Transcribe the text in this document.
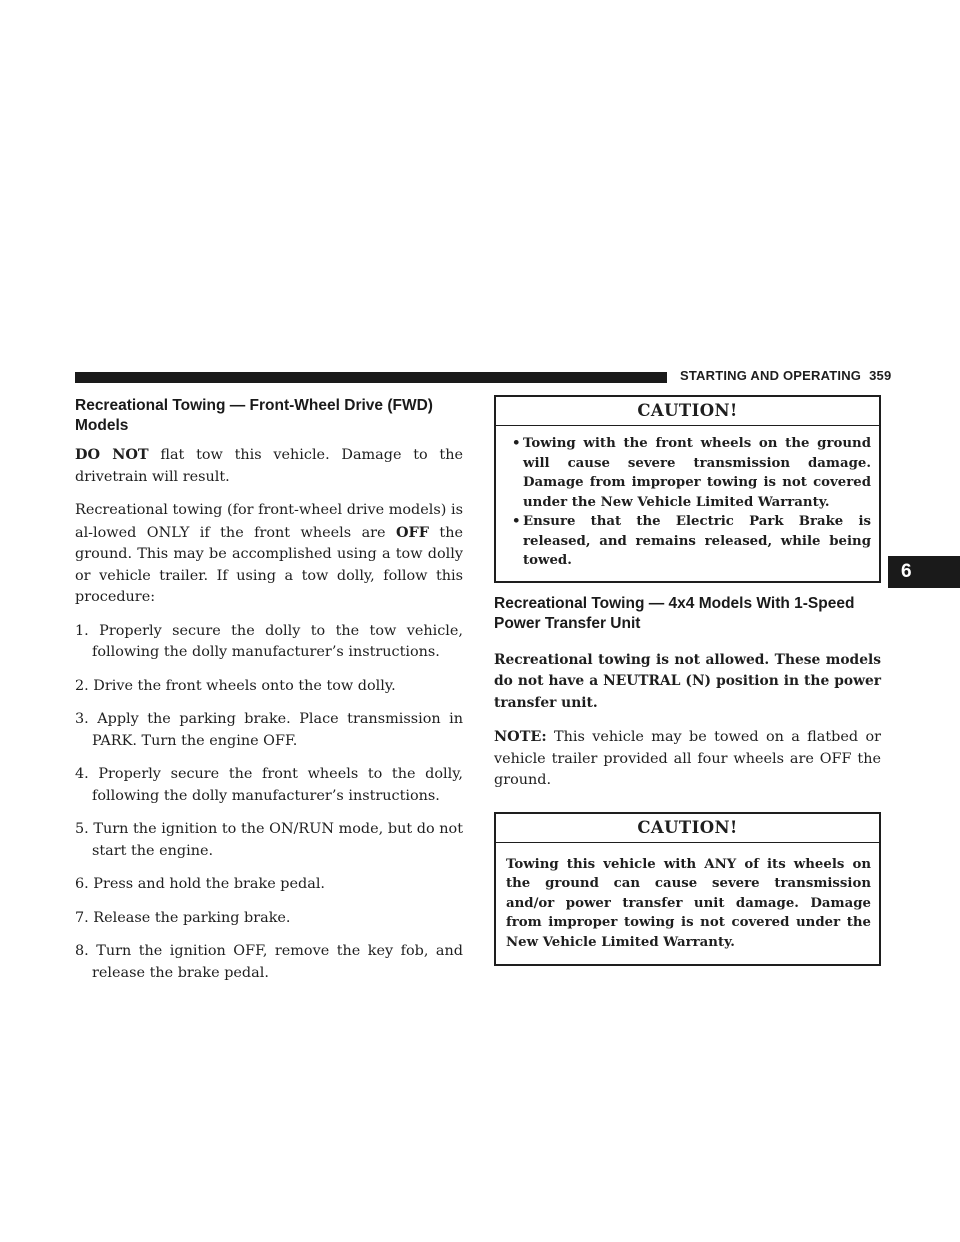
STARTING AND OPERATING 359
6
Recreational Towing — Front-Wheel Drive (FWD) Models

DO NOT flat tow this vehicle. Damage to the drivetrain will result.

Recreational towing (for front-wheel drive models) is al-lowed ONLY if the front wheels are OFF the ground. This may be accomplished using a tow dolly or vehicle trailer. If using a tow dolly, follow this procedure:

1. Properly secure the dolly to the tow vehicle, following the dolly manufacturer’s instructions.
2. Drive the front wheels onto the tow dolly.
3. Apply the parking brake. Place transmission in PARK. Turn the engine OFF.
4. Properly secure the front wheels to the dolly, following the dolly manufacturer’s instructions.
5. Turn the ignition to the ON/RUN mode, but do not start the engine.
6. Press and hold the brake pedal.
7. Release the parking brake.
8. Turn the ignition OFF, remove the key fob, and release the brake pedal.
CAUTION!
• Towing with the front wheels on the ground will cause severe transmission damage. Damage from improper towing is not covered under the New Vehicle Limited Warranty.
• Ensure that the Electric Park Brake is released, and remains released, while being towed.
Recreational Towing — 4x4 Models With 1-Speed Power Transfer Unit

Recreational towing is not allowed. These models do not have a NEUTRAL (N) position in the power transfer unit.

NOTE: This vehicle may be towed on a flatbed or vehicle trailer provided all four wheels are OFF the ground.

CAUTION!

Towing this vehicle with ANY of its wheels on the ground can cause severe transmission and/or power transfer unit damage. Damage from improper towing is not covered under the New Vehicle Limited Warranty.
